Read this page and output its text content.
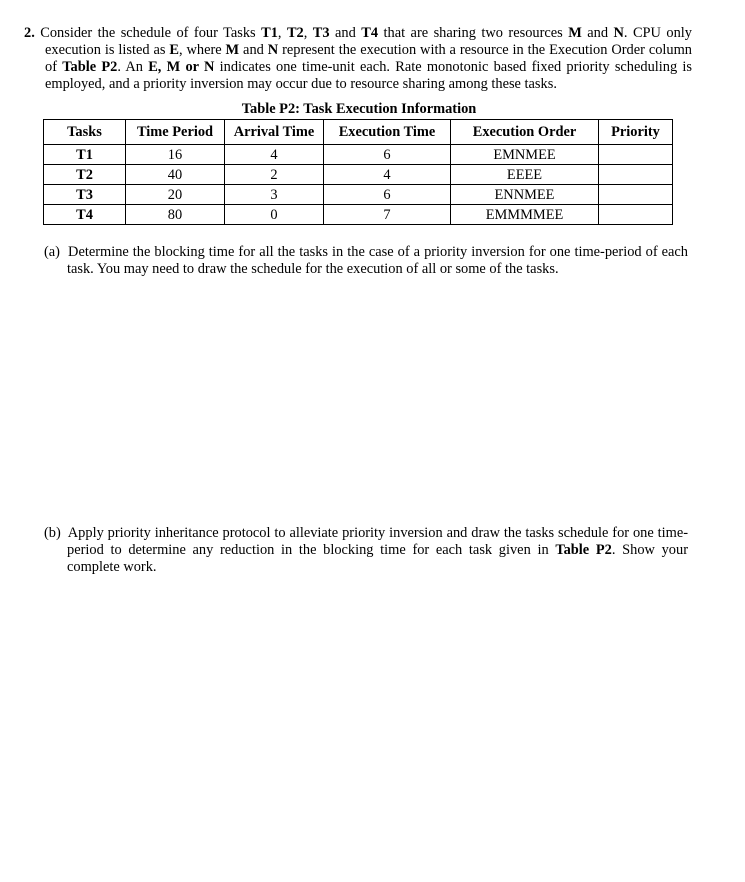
2. Consider the schedule of four Tasks T1, T2, T3 and T4 that are sharing two resources M and N. CPU only execution is listed as E, where M and N represent the execution with a resource in the Execution Order column of Table P2. An E, M or N indicates one time-unit each. Rate monotonic based fixed priority scheduling is employed, and a priority inversion may occur due to resource sharing among these tasks.

Table P2: Task Execution Information
Tasks	Time Period	Arrival Time	Execution Time	Execution Order	Priority
T1	16	4	6	EMNMEE	
T2	40	2	4	EEEE	
T3	20	3	6	ENNMEE	
T4	80	0	7	EMMMMEE	

(a) Determine the blocking time for all the tasks in the case of a priority inversion for one time-period of each task. You may need to draw the schedule for the execution of all or some of the tasks.

(b) Apply priority inheritance protocol to alleviate priority inversion and draw the tasks schedule for one time-period to determine any reduction in the blocking time for each task given in Table P2. Show your complete work.
